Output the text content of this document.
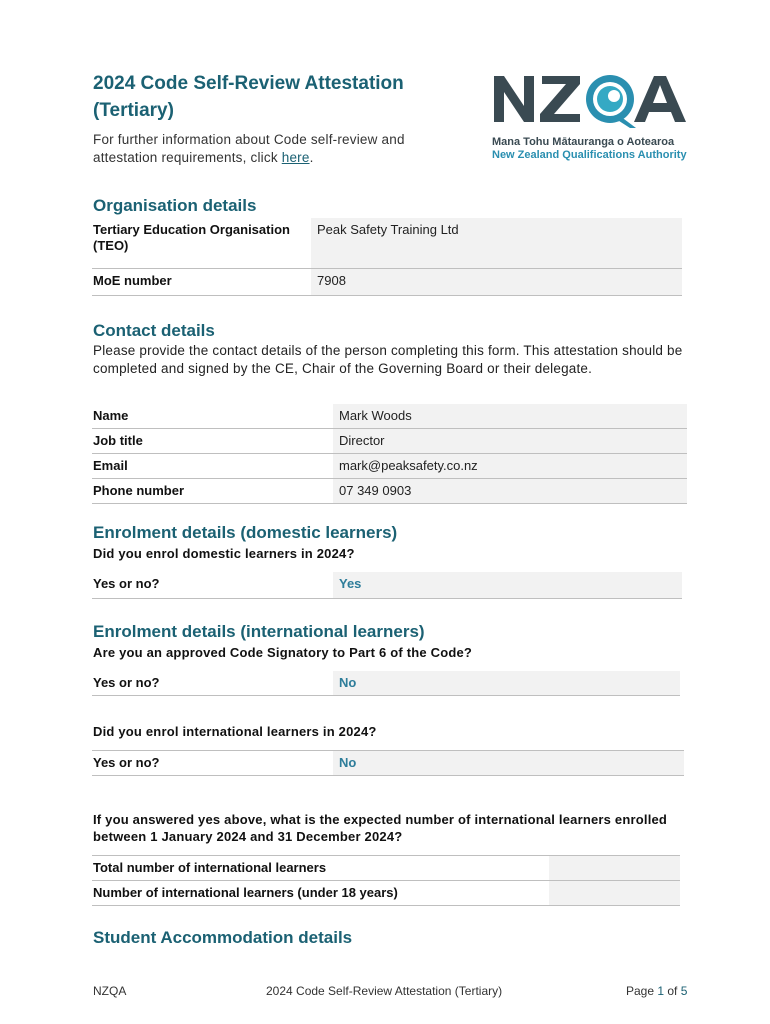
2024 Code Self-Review Attestation (Tertiary)
For further information about Code self-review and attestation requirements, click here.
Mana Tohu Mātauranga o Aotearoa
New Zealand Qualifications Authority
Organisation details
Tertiary Education Organisation (TEO)	Peak Safety Training Ltd
MoE number	7908
Contact details
Please provide the contact details of the person completing this form. This attestation should be completed and signed by the CE, Chair of the Governing Board or their delegate.
Name	Mark Woods
Job title	Director
Email	mark@peaksafety.co.nz
Phone number	07 349 0903
Enrolment details (domestic learners)
Did you enrol domestic learners in 2024?
Yes or no?	Yes
Enrolment details (international learners)
Are you an approved Code Signatory to Part 6 of the Code?
Yes or no?	No
Did you enrol international learners in 2024?
Yes or no?	No
If you answered yes above, what is the expected number of international learners enrolled between 1 January 2024 and 31 December 2024?
Total number of international learners	
Number of international learners (under 18 years)	
Student Accommodation details
NZQA	2024 Code Self-Review Attestation (Tertiary)	Page 1 of 5
